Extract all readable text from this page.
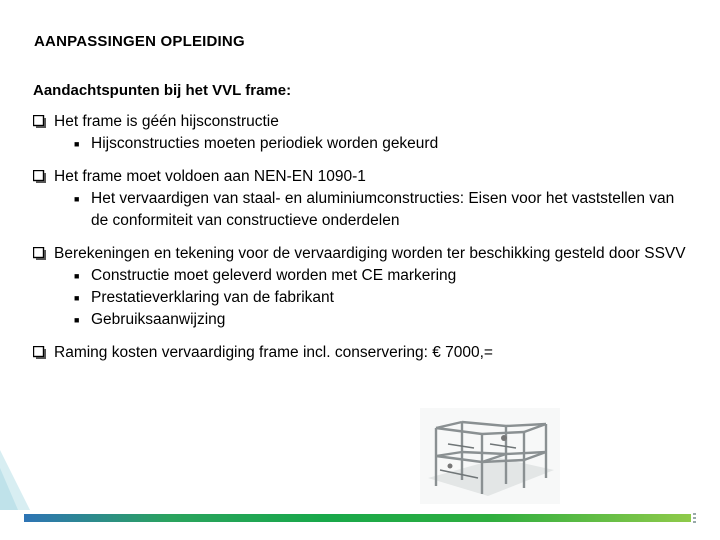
AANPASSINGEN OPLEIDING
Aandachtspunten bij het VVL frame:
Het frame is géén hijsconstructie
■ Hijsconstructies moeten periodiek worden gekeurd
Het frame moet voldoen aan NEN-EN 1090-1
■ Het vervaardigen van staal- en aluminiumconstructies: Eisen voor het vaststellen van de conformiteit van constructieve onderdelen
Berekeningen en tekening voor de vervaardiging worden ter beschikking gesteld door SSVV
■ Constructie moet geleverd worden met CE markering
■ Prestatieverklaring van de fabrikant
■ Gebruiksaanwijzing
Raming kosten vervaardiging frame incl. conservering: € 7000,=
